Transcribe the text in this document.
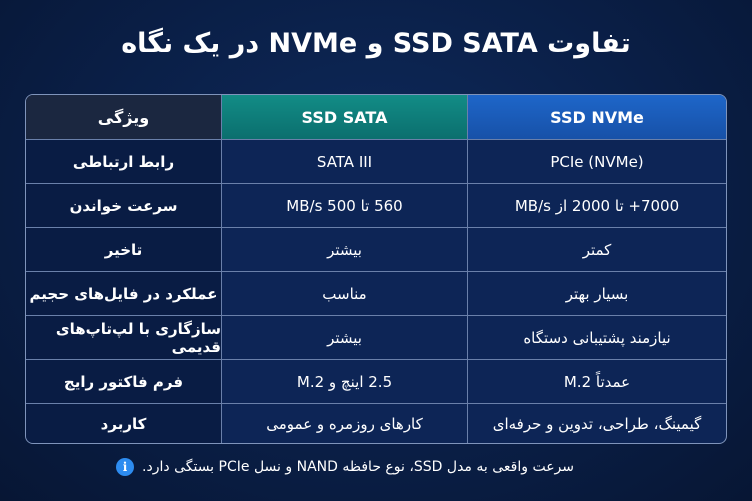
تفاوت SSD SATA و NVMe در یک نگاه
ویژگی	SSD SATA	SSD NVMe
رابط ارتباطی	SATA III	PCIe (NVMe)
سرعت خواندن	560 تا 500 MB/s	7000+ تا 2000 از MB/s
تاخیر	بیشتر	کمتر
عملکرد در فایل‌های حجیم	مناسب	بسیار بهتر
سازگاری با لپ‌تاپ‌های قدیمی	بیشتر	نیازمند پشتیبانی دستگاه
فرم فاکتور رایج	2.5 اینچ و M.2	عمدتاً M.2
کاربرد	کارهای روزمره و عمومی	گیمینگ، طراحی، تدوین و حرفه‌ای
i	سرعت واقعی به مدل SSD، نوع حافظه NAND و نسل PCIe بستگی دارد.
